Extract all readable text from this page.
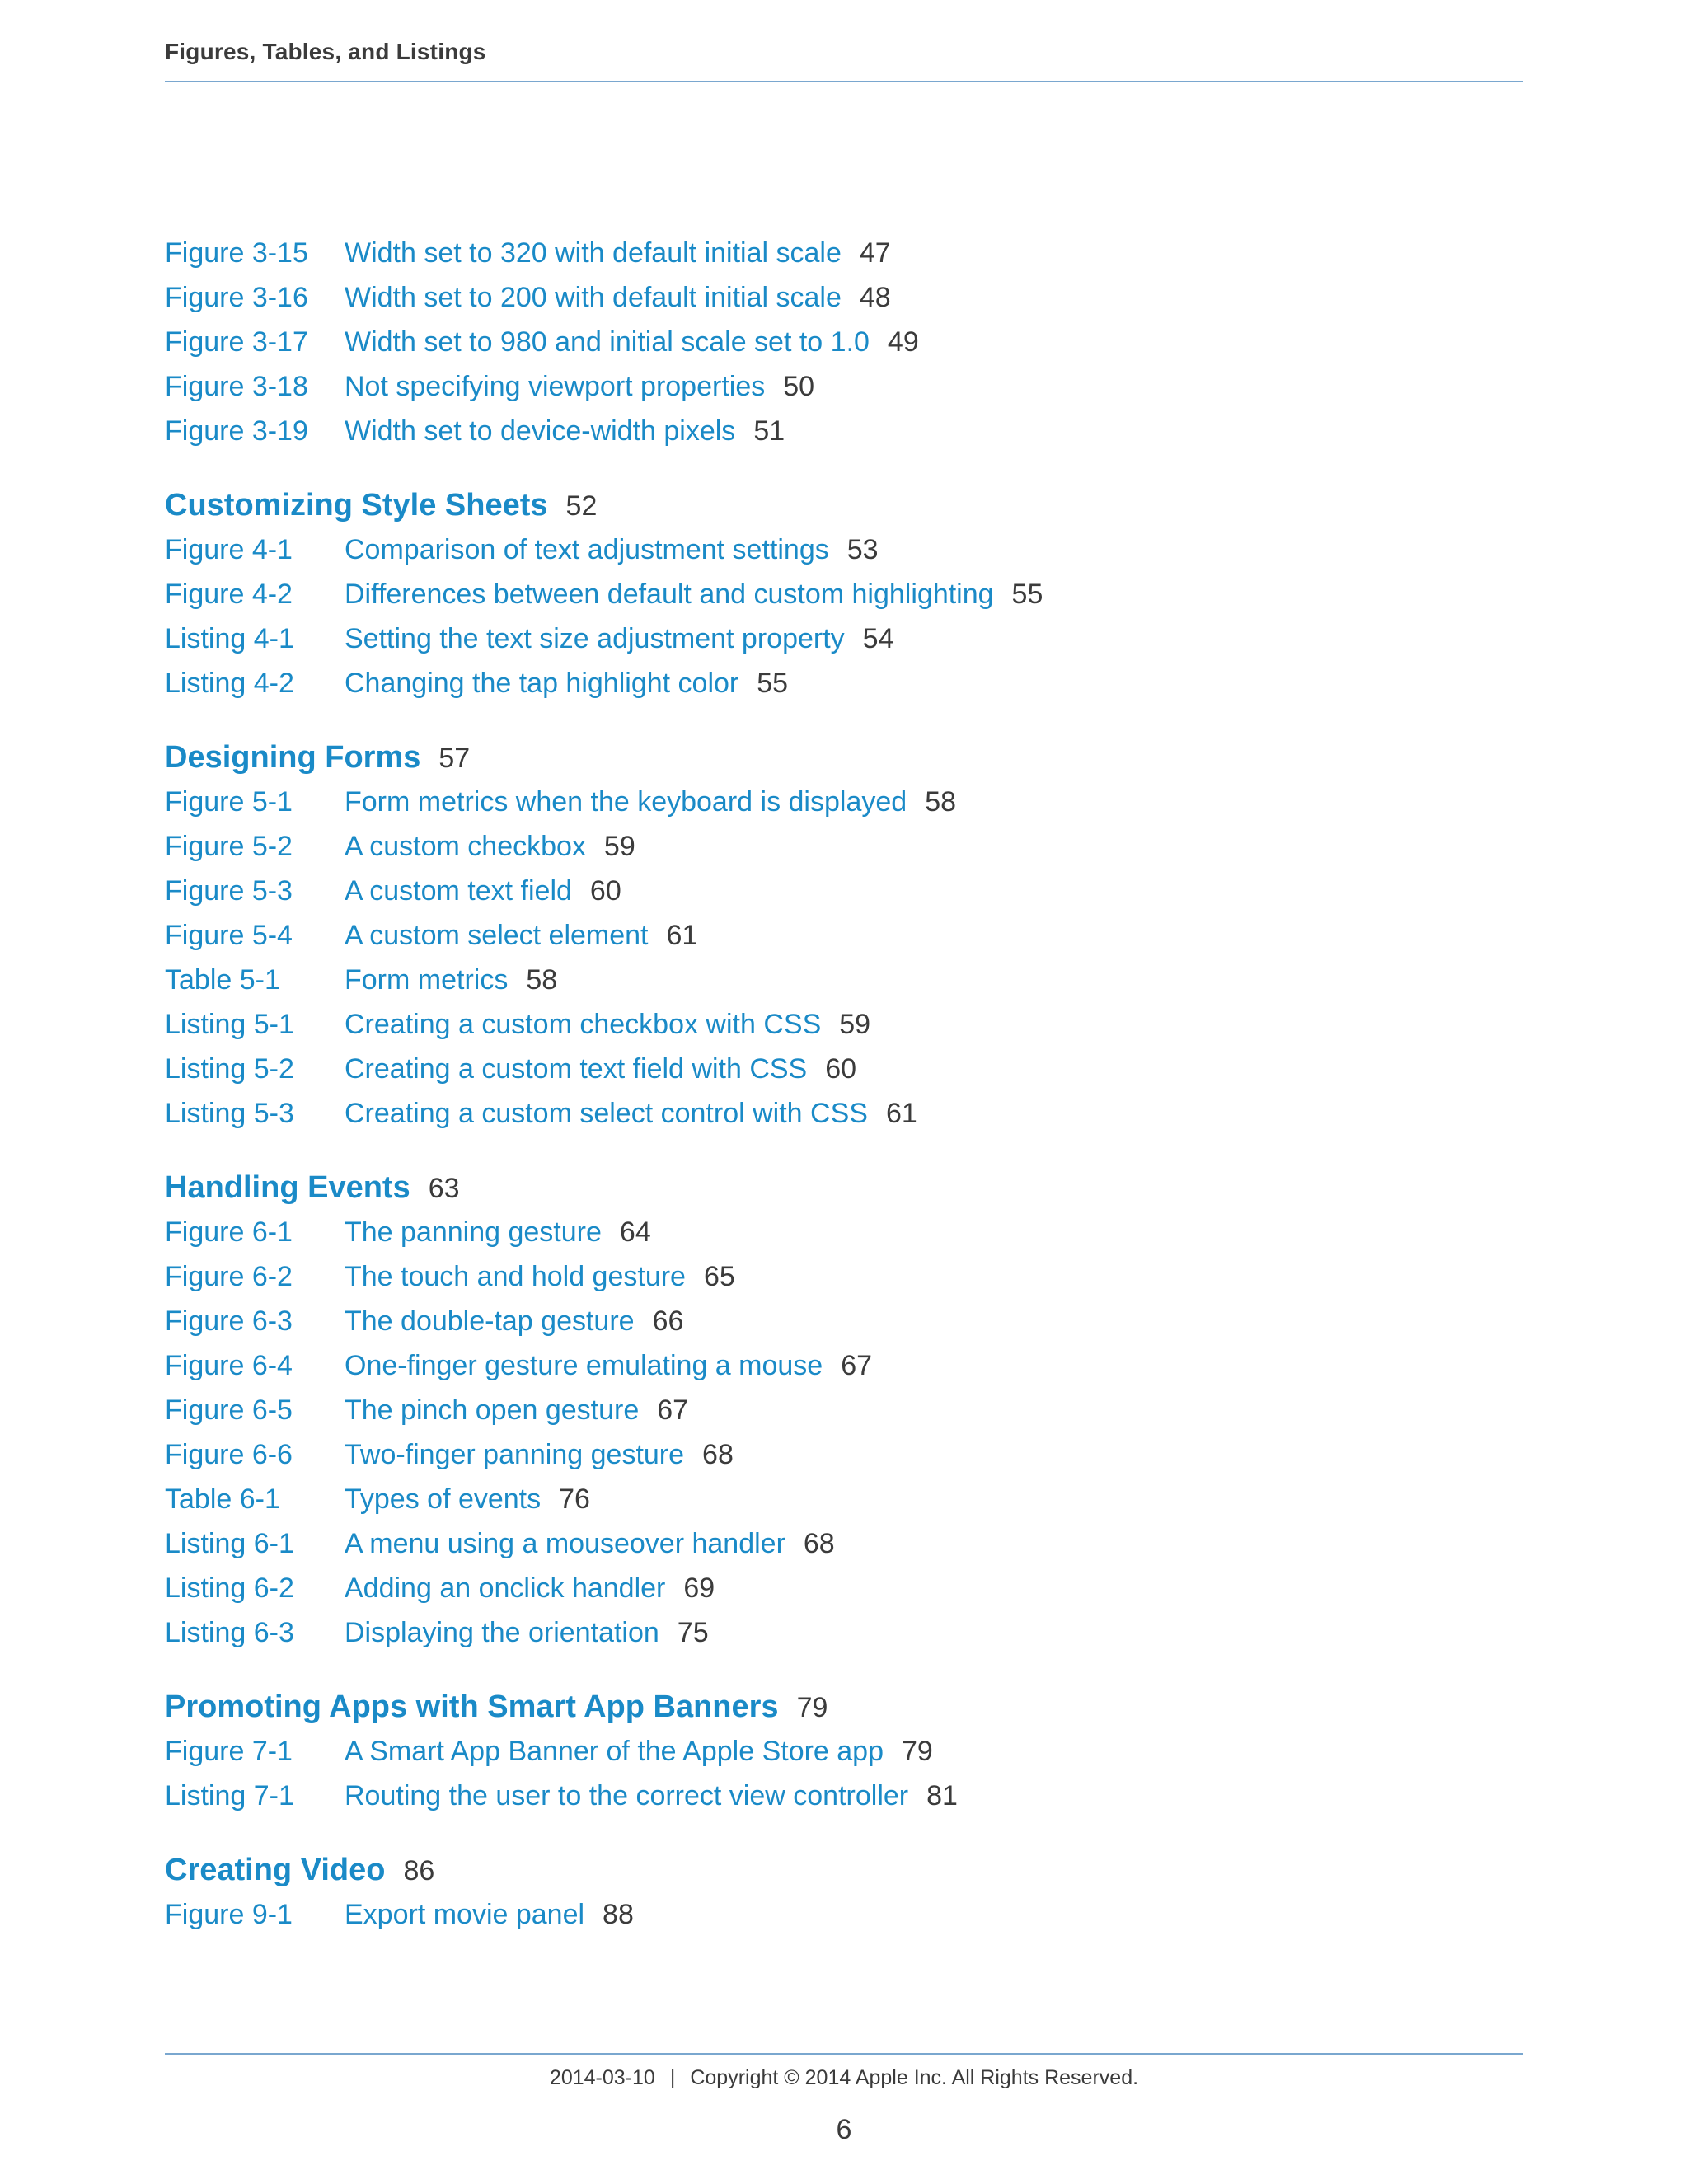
Figures, Tables, and Listings
Figure 3-15	Width set to 320 with default initial scale 47
Figure 3-16	Width set to 200 with default initial scale 48
Figure 3-17	Width set to 980 and initial scale set to 1.0 49
Figure 3-18	Not specifying viewport properties 50
Figure 3-19	Width set to device-width pixels 51
Customizing Style Sheets 52
Figure 4-1	Comparison of text adjustment settings 53
Figure 4-2	Differences between default and custom highlighting 55
Listing 4-1	Setting the text size adjustment property 54
Listing 4-2	Changing the tap highlight color 55
Designing Forms 57
Figure 5-1	Form metrics when the keyboard is displayed 58
Figure 5-2	A custom checkbox 59
Figure 5-3	A custom text field 60
Figure 5-4	A custom select element 61
Table 5-1	Form metrics 58
Listing 5-1	Creating a custom checkbox with CSS 59
Listing 5-2	Creating a custom text field with CSS 60
Listing 5-3	Creating a custom select control with CSS 61
Handling Events 63
Figure 6-1	The panning gesture 64
Figure 6-2	The touch and hold gesture 65
Figure 6-3	The double-tap gesture 66
Figure 6-4	One-finger gesture emulating a mouse 67
Figure 6-5	The pinch open gesture 67
Figure 6-6	Two-finger panning gesture 68
Table 6-1	Types of events 76
Listing 6-1	A menu using a mouseover handler 68
Listing 6-2	Adding an onclick handler 69
Listing 6-3	Displaying the orientation 75
Promoting Apps with Smart App Banners 79
Figure 7-1	A Smart App Banner of the Apple Store app 79
Listing 7-1	Routing the user to the correct view controller 81
Creating Video 86
Figure 9-1	Export movie panel 88
2014-03-10 | Copyright © 2014 Apple Inc. All Rights Reserved.
6
